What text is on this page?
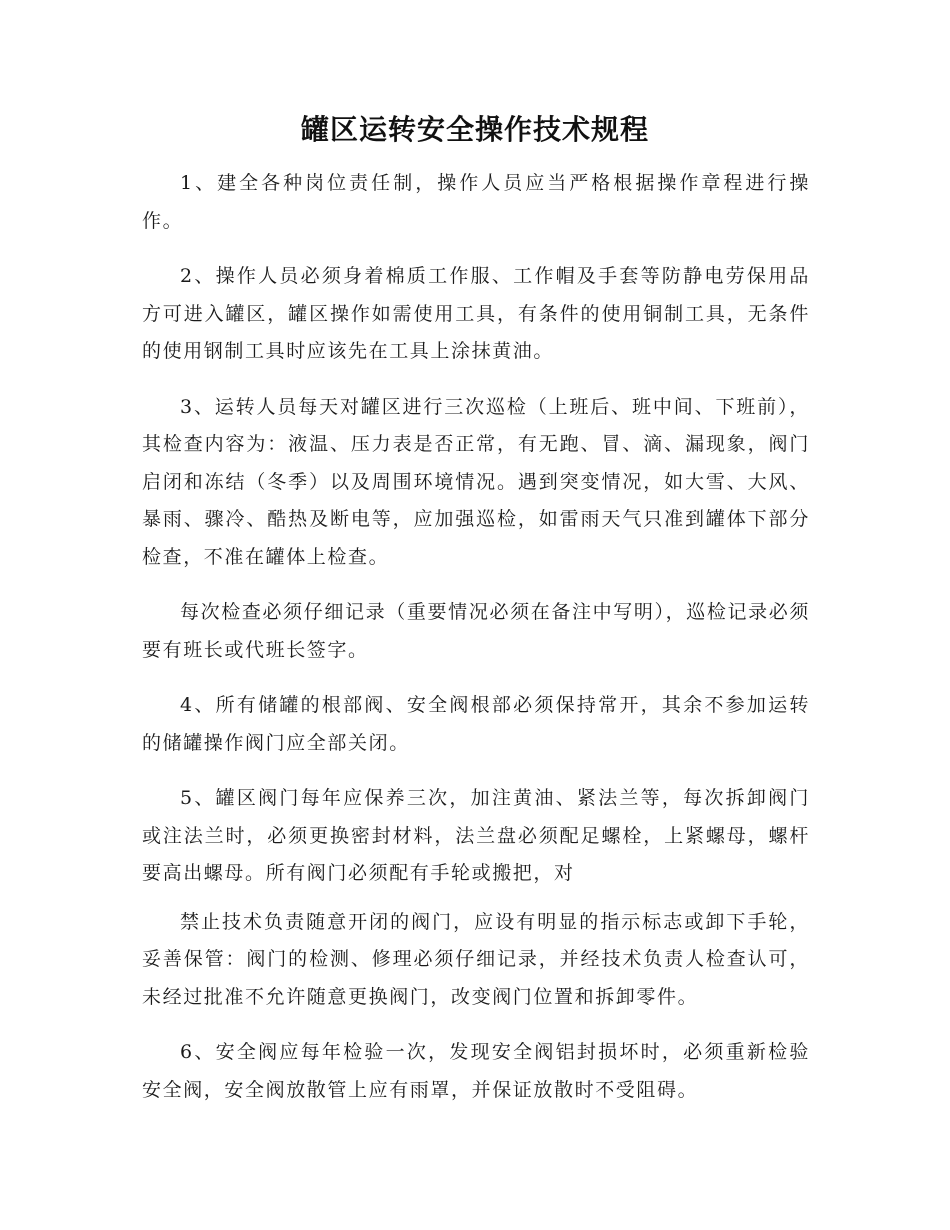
罐区运转安全操作技术规程

1、建全各种岗位责任制，操作人员应当严格根据操作章程进行操作。

2、操作人员必须身着棉质工作服、工作帽及手套等防静电劳保用品方可进入罐区，罐区操作如需使用工具，有条件的使用铜制工具，无条件的使用钢制工具时应该先在工具上涂抹黄油。

3、运转人员每天对罐区进行三次巡检（上班后、班中间、下班前），其检查内容为：液温、压力表是否正常，有无跑、冒、滴、漏现象，阀门启闭和冻结（冬季）以及周围环境情况。遇到突变情况，如大雪、大风、暴雨、骤冷、酷热及断电等，应加强巡检，如雷雨天气只准到罐体下部分检查，不准在罐体上检查。

每次检查必须仔细记录（重要情况必须在备注中写明），巡检记录必须要有班长或代班长签字。

4、所有储罐的根部阀、安全阀根部必须保持常开，其余不参加运转的储罐操作阀门应全部关闭。

5、罐区阀门每年应保养三次，加注黄油、紧法兰等，每次拆卸阀门或注法兰时，必须更换密封材料，法兰盘必须配足螺栓，上紧螺母，螺杆要高出螺母。所有阀门必须配有手轮或搬把，对

禁止技术负责随意开闭的阀门，应设有明显的指示标志或卸下手轮，妥善保管：阀门的检测、修理必须仔细记录，并经技术负责人检查认可，未经过批准不允许随意更换阀门，改变阀门位置和拆卸零件。

6、安全阀应每年检验一次，发现安全阀铝封损坏时，必须重新检验安全阀，安全阀放散管上应有雨罩，并保证放散时不受阻碍。
